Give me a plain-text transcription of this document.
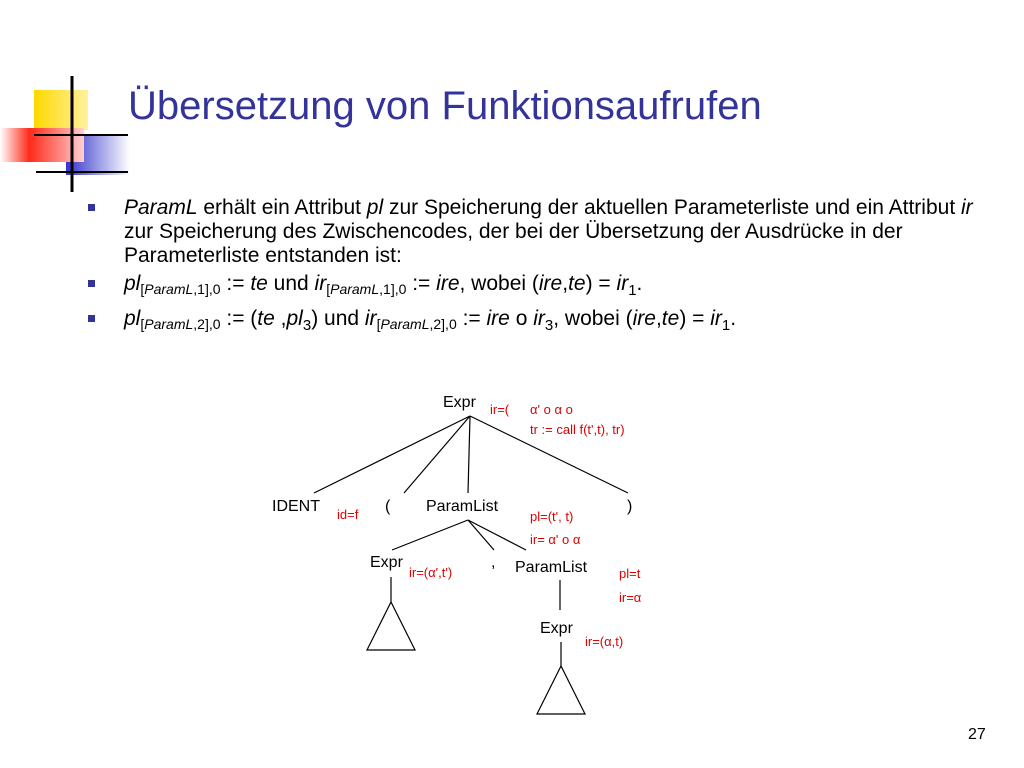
Übersetzung von Funktionsaufrufen
ParamL erhält ein Attribut pl zur Speicherung der aktuellen Parameterliste und ein Attribut ir zur Speicherung des Zwischencodes, der bei der Übersetzung der Ausdrücke in der Parameterliste entstanden ist:
$pl_{[ParamL,1],0}$ := te und $ir_{[ParamL,1],0}$ := ire, wobei $(ire,te) = ir_1$.
$pl_{[ParamL,2],0}$ := (te $,pl_3$) und $ir_{[ParamL,2],0}$ := ire ο $ir_3$, wobei $(ire,te) = ir_1$.
Expr
IDENT	( ParamList	)
Expr	, ParamList
Expr
ir=( α' ο α ο
tr := call f(t',t), tr)
id=f	pl=(t', t)
ir= α' ο α
ir=(α',t')	pl=t
ir=α
ir=(α,t)
27
